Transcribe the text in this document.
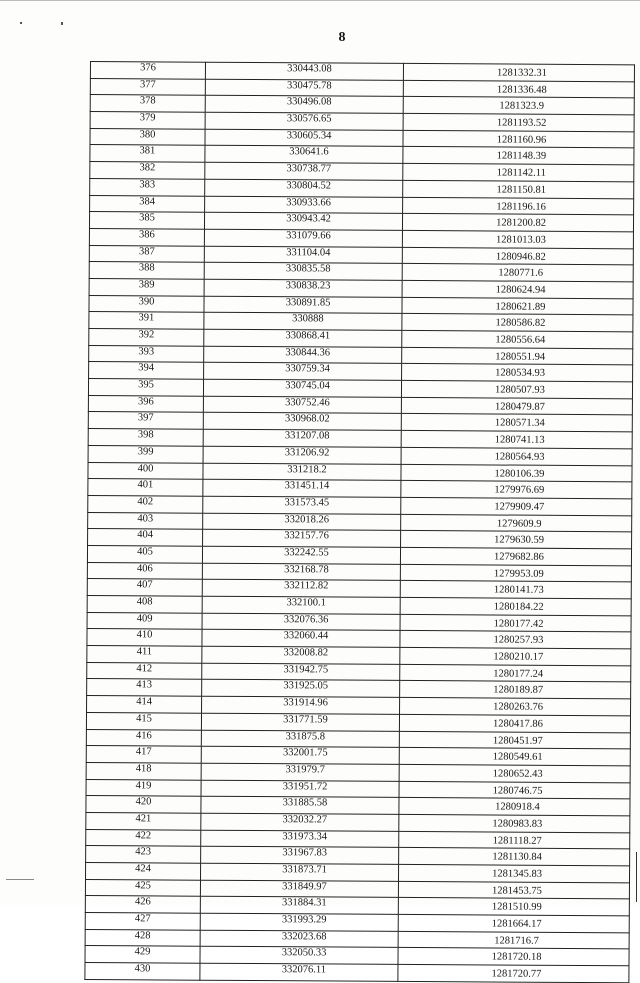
8
376	330443.08	1281332.31
377	330475.78	1281336.48
378	330496.08	1281323.9
379	330576.65	1281193.52
380	330605.34	1281160.96
381	330641.6	1281148.39
382	330738.77	1281142.11
383	330804.52	1281150.81
384	330933.66	1281196.16
385	330943.42	1281200.82
386	331079.66	1281013.03
387	331104.04	1280946.82
388	330835.58	1280771.6
389	330838.23	1280624.94
390	330891.85	1280621.89
391	330888	1280586.82
392	330868.41	1280556.64
393	330844.36	1280551.94
394	330759.34	1280534.93
395	330745.04	1280507.93
396	330752.46	1280479.87
397	330968.02	1280571.34
398	331207.08	1280741.13
399	331206.92	1280564.93
400	331218.2	1280106.39
401	331451.14	1279976.69
402	331573.45	1279909.47
403	332018.26	1279609.9
404	332157.76	1279630.59
405	332242.55	1279682.86
406	332168.78	1279953.09
407	332112.82	1280141.73
408	332100.1	1280184.22
409	332076.36	1280177.42
410	332060.44	1280257.93
411	332008.82	1280210.17
412	331942.75	1280177.24
413	331925.05	1280189.87
414	331914.96	1280263.76
415	331771.59	1280417.86
416	331875.8	1280451.97
417	332001.75	1280549.61
418	331979.7	1280652.43
419	331951.72	1280746.75
420	331885.58	1280918.4
421	332032.27	1280983.83
422	331973.34	1281118.27
423	331967.83	1281130.84
424	331873.71	1281345.83
425	331849.97	1281453.75
426	331884.31	1281510.99
427	331993.29	1281664.17
428	332023.68	1281716.7
429	332050.33	1281720.18
430	332076.11	1281720.77
